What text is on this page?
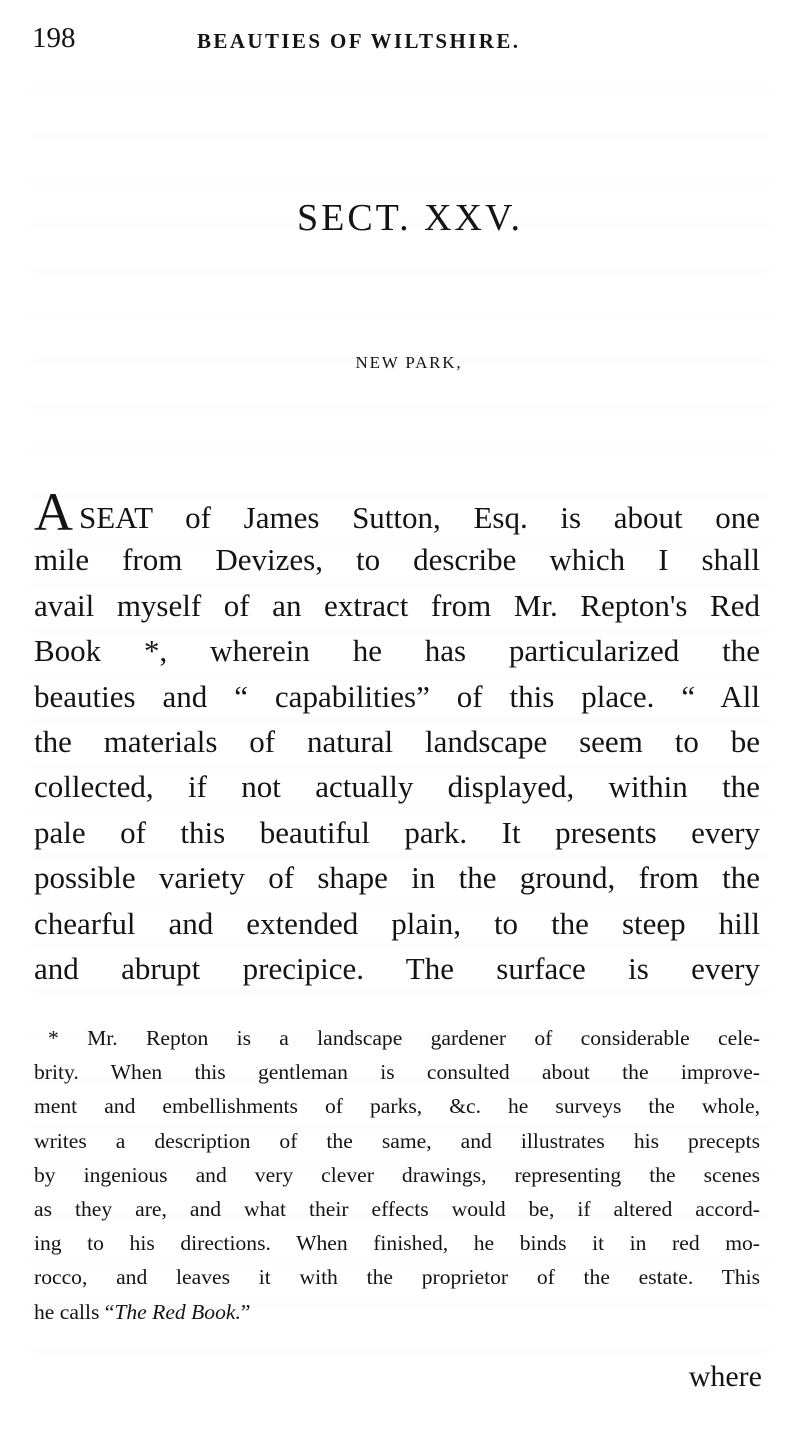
198	BEAUTIES OF WILTSHIRE.
SECT. XXV.
NEW PARK,
ASEAT of James Sutton, Esq. is about one
mile from Devizes, to describe which I shall
avail myself of an extract from Mr. Repton's Red
Book *, wherein he has particularized the
beauties and “ capabilities” of this place. “ All
the materials of natural landscape seem to be
collected, if not actually displayed, within the
pale of this beautiful park. It presents every
possible variety of shape in the ground, from the
chearful and extended plain, to the steep hill
and abrupt precipice. The surface is every
* Mr. Repton is a landscape gardener of considerable cele-
brity. When this gentleman is consulted about the improve-
ment and embellishments of parks, &c. he surveys the whole,
writes a description of the same, and illustrates his precepts
by ingenious and very clever drawings, representing the scenes
as they are, and what their effects would be, if altered accord-
ing to his directions. When finished, he binds it in red mo-
rocco, and leaves it with the proprietor of the estate. This
he calls “The Red Book.”
where
